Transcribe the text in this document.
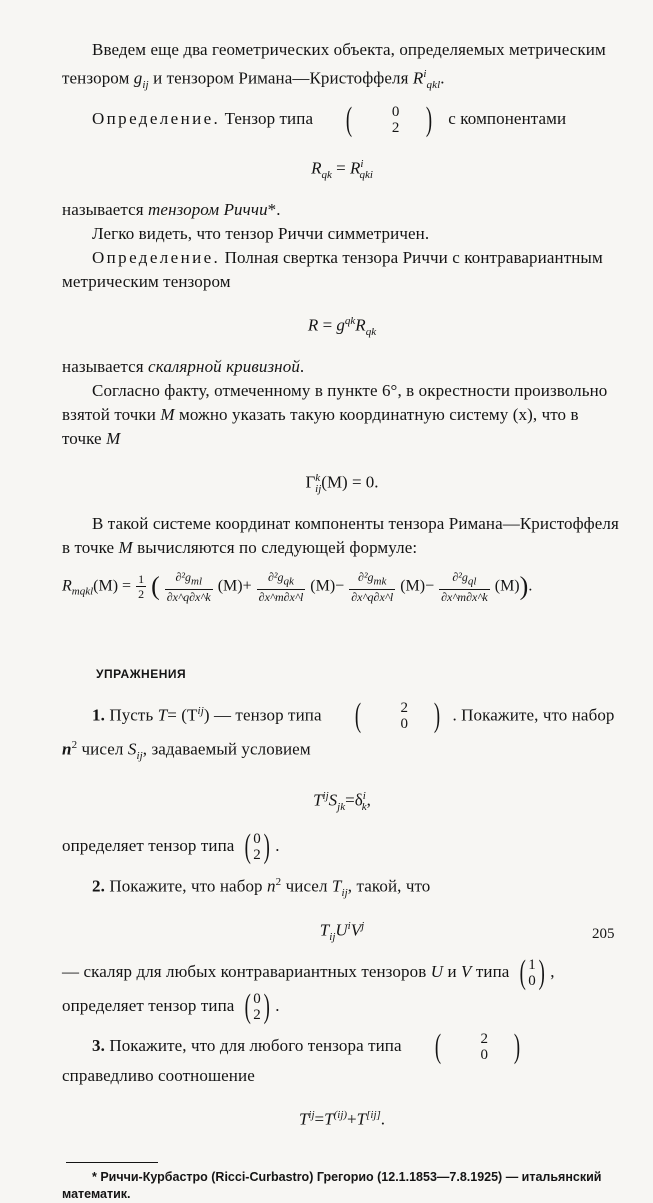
Введем еще два геометрических объекта, определяемых метрическим тензором $g_{ij}$ и тензором Римана—Кристоффеля $R^i_{qkl}$.

Определение. Тензор типа (	0
2 ) с компонентами

$R_{qk} = R^i_{qki}$

называется тензором Риччи*.

Легко видеть, что тензор Риччи симметричен.

Определение. Полная свертка тензора Риччи с контравариантным метрическим тензором

$R = g^{qk}R_{qk}$

называется скалярной кривизной.

Согласно факту, отмеченному в пункте 6°, в окрестности произвольно взятой точки M можно указать такую координатную систему (x), что в точке M

$\Gamma^k_{ij}(M) = 0$.

В такой системе координат компоненты тензора Римана—Кристоффеля в точке M вычисляются по следующей формуле:

$R_{mqkl}(M) = \frac{1}{2}$ ( $\frac{\partial^2g_{ml}}{\partial x\^{}q\partial x\^{}k} (M)+ \frac{\partial^2g_{qk}}{\partial x\^{}m\partial x\^{}l} (M)- \frac{\partial^2g_{mk}}{\partial x\^{}q\partial x\^{}l} (M)- \frac{\partial^2g_{ql}}{\partial x\^{}m\partial x\^{}k} (M)$).
УПРАЖНЕНИЯ

1. Пусть $T= (T^{ij})$ — тензор типа (	2
0 ) . Покажите, что набор $n^2$ чисел $S_{ij}$, задаваемый условием

$T^{ij}S_{jk}=\delta^i_k$,

определяет тензор типа ( 0
2 ) .

2. Покажите, что набор $n^2$ чисел $T_{ij}$, такой, что

$T_{ij}U^iV^j$

— скаляр для любых контравариантных тензоров U и V типа ( 1
0 ) , определяет тензор типа ( 0
2 ) .

3. Покажите, что для любого тензора типа (	2
0 )
справедливо соотношение

$T^{ij}=T^{(ij)}+T[ij]$.

* Риччи-Курбастро (Ricci-Curbastro) Грегорио (12.1.1853—7.8.1925) — итальянский математик.

205
